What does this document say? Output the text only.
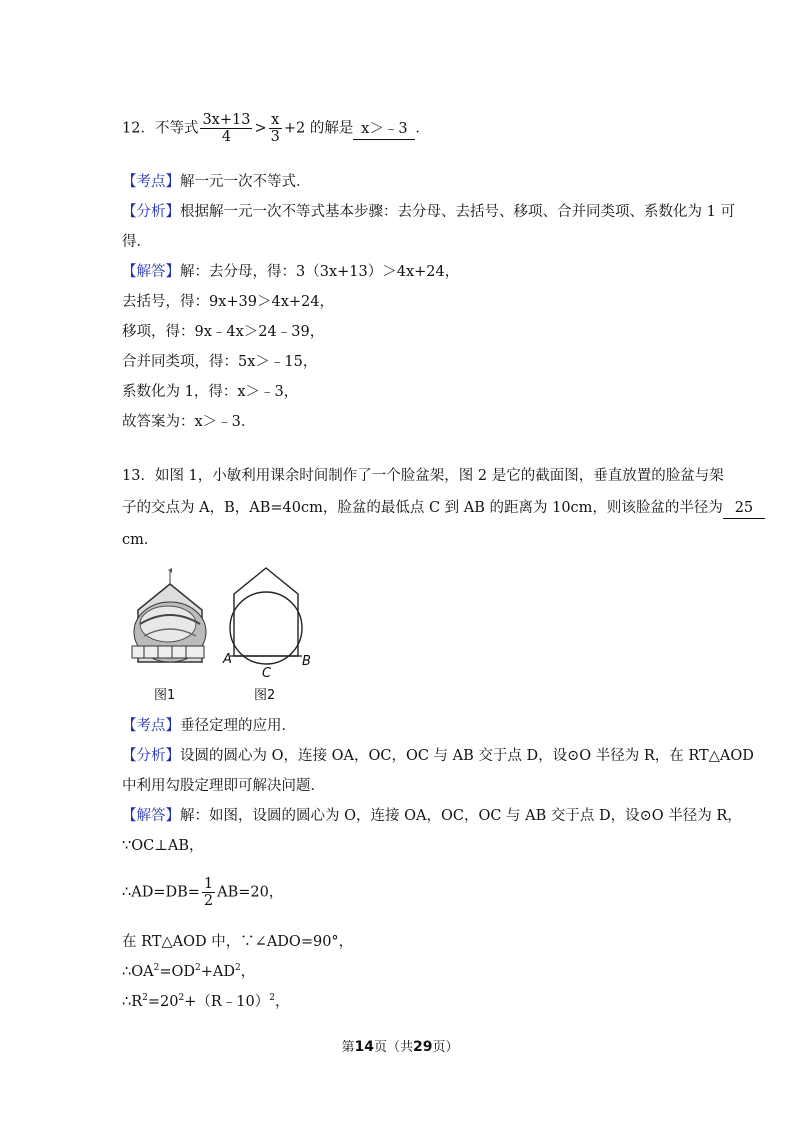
12．不等式 $\frac{3x+13}{4} > \frac{x}{3} +2$ 的解是 x＞﹣3 ．
【考点】解一元一次不等式．
【分析】根据解一元一次不等式基本步骤：去分母、去括号、移项、合并同类项、系数化为 1 可
得．
【解答】解：去分母，得：3（3x+13）＞4x+24，
去括号，得：9x+39＞4x+24，
移项，得：9x﹣4x＞24﹣39，
合并同类项，得：5x＞﹣15，
系数化为 1，得：x＞﹣3，
故答案为：x＞﹣3．
13．如图 1，小敏利用课余时间制作了一个脸盆架，图 2 是它的截面图，垂直放置的脸盆与架
子的交点为 A，B，AB=40cm，脸盆的最低点 C 到 AB 的距离为 10cm，则该脸盆的半径为 25
cm．
图1
A	B
C
图2
【考点】垂径定理的应用．
【分析】设圆的圆心为 O，连接 OA，OC，OC 与 AB 交于点 D，设⊙O 半径为 R，在 RT△AOD
中利用勾股定理即可解决问题．
【解答】解：如图，设圆的圆心为 O，连接 OA，OC，OC 与 AB 交于点 D，设⊙O 半径为 R，
∵OC⊥AB，
∴AD=DB= $\frac{1}{2} AB=20$，
在 RT△AOD 中，∵∠ADO=90°，
$\therefore OA^2=OD^2+AD^2$，
$\therefore R^2=20^2+(R﹣10)^2$，
第14页（共29页）
